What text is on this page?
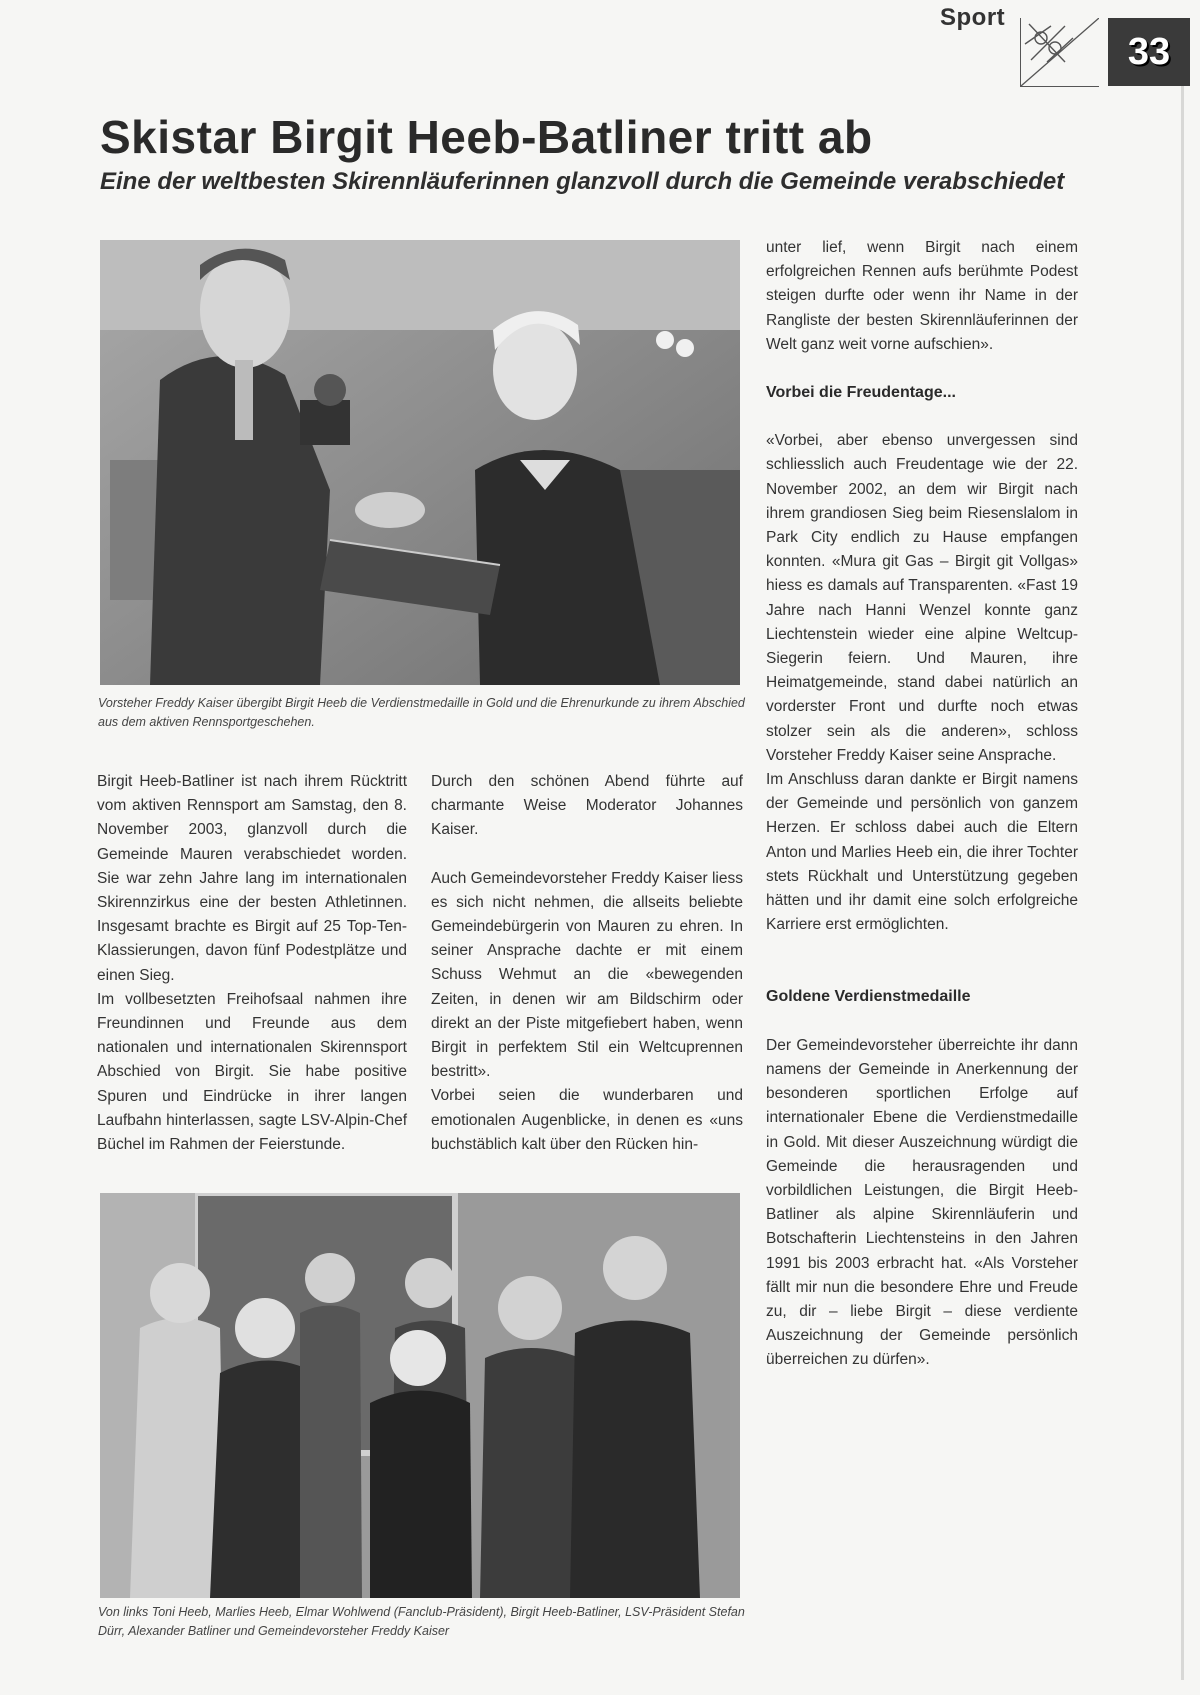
Sport
33
Skistar Birgit Heeb-Batliner tritt ab
Eine der weltbesten Skirennläuferinnen glanzvoll durch die Gemeinde verabschiedet
Vorsteher Freddy Kaiser übergibt Birgit Heeb die Verdienstmedaille in Gold und die Ehrenurkunde zu ihrem Abschied aus dem aktiven Rennsportgeschehen.

Birgit Heeb-Batliner ist nach ihrem Rücktritt vom aktiven Rennsport am Samstag, den 8. November 2003, glanzvoll durch die Gemeinde Mauren verabschiedet worden. Sie war zehn Jahre lang im internationalen Skirennzirkus eine der besten Athletinnen. Insgesamt brachte es Birgit auf 25 Top-Ten-Klassierungen, davon fünf Podestplätze und einen Sieg.

Im vollbesetzten Freihofsaal nahmen ihre Freundinnen und Freunde aus dem nationalen und internationalen Skirennsport Abschied von Birgit. Sie habe positive Spuren und Eindrücke in ihrer langen Laufbahn hinterlassen, sagte LSV-Alpin-Chef Büchel im Rahmen der Feierstunde.

Durch den schönen Abend führte auf charmante Weise Moderator Johannes Kaiser.

Auch Gemeindevorsteher Freddy Kaiser liess es sich nicht nehmen, die allseits beliebte Gemeindebürgerin von Mauren zu ehren. In seiner Ansprache dachte er mit einem Schuss Wehmut an die «bewegenden Zeiten, in denen wir am Bildschirm oder direkt an der Piste mitgefiebert haben, wenn Birgit in perfektem Stil ein Weltcuprennen bestritt».

Vorbei seien die wunderbaren und emotionalen Augenblicke, in denen es «uns buchstäblich kalt über den Rücken hin-

unter lief, wenn Birgit nach einem erfolgreichen Rennen aufs berühmte Podest steigen durfte oder wenn ihr Name in der Rangliste der besten Skirennläuferinnen der Welt ganz weit vorne aufschien».

Vorbei die Freudentage...

«Vorbei, aber ebenso unvergessen sind schliesslich auch Freudentage wie der 22. November 2002, an dem wir Birgit nach ihrem grandiosen Sieg beim Riesenslalom in Park City endlich zu Hause empfangen konnten. «Mura git Gas – Birgit git Vollgas» hiess es damals auf Transparenten. «Fast 19 Jahre nach Hanni Wenzel konnte ganz Liechtenstein wieder eine alpine Weltcup-Siegerin feiern. Und Mauren, ihre Heimatgemeinde, stand dabei natürlich an vorderster Front und durfte noch etwas stolzer sein als die anderen», schloss Vorsteher Freddy Kaiser seine Ansprache.

Im Anschluss daran dankte er Birgit namens der Gemeinde und persönlich von ganzem Herzen. Er schloss dabei auch die Eltern Anton und Marlies Heeb ein, die ihrer Tochter stets Rückhalt und Unterstützung gegeben hätten und ihr damit eine solch erfolgreiche Karriere erst ermöglichten.

Goldene Verdienstmedaille

Der Gemeindevorsteher überreichte ihr dann namens der Gemeinde in Anerkennung der besonderen sportlichen Erfolge auf internationaler Ebene die Verdienstmedaille in Gold. Mit dieser Auszeichnung würdigt die Gemeinde die herausragenden und vorbildlichen Leistungen, die Birgit Heeb-Batliner als alpine Skirennläuferin und Botschafterin Liechtensteins in den Jahren 1991 bis 2003 erbracht hat. «Als Vorsteher fällt mir nun die besondere Ehre und Freude zu, dir – liebe Birgit – diese verdiente Auszeichnung der Gemeinde persönlich überreichen zu dürfen».

Von links Toni Heeb, Marlies Heeb, Elmar Wohlwend (Fanclub-Präsident), Birgit Heeb-Batliner, LSV-Präsident Stefan Dürr, Alexander Batliner und Gemeindevorsteher Freddy Kaiser
